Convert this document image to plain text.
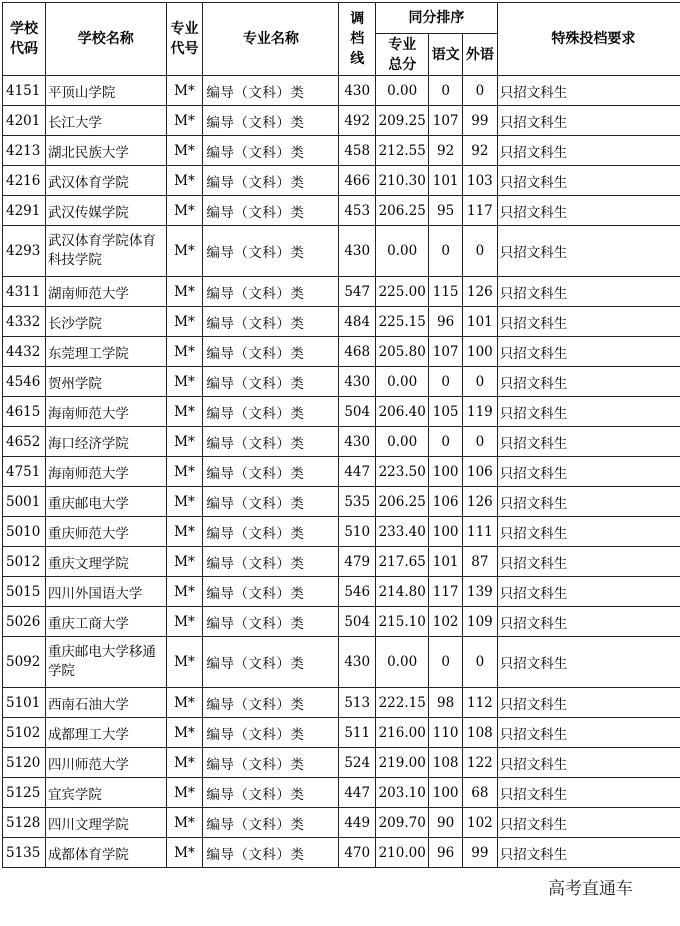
学校代码	学校名称	专业代号	专业名称	调档线	同分排序			特殊投档要求
					专业总分	语文	外语	
4151	平顶山学院	M*	编导（文科）类	430	0.00	0	0	只招文科生
4201	长江大学	M*	编导（文科）类	492	209.25	107	99	只招文科生
4213	湖北民族大学	M*	编导（文科）类	458	212.55	92	92	只招文科生
4216	武汉体育学院	M*	编导（文科）类	466	210.30	101	103	只招文科生
4291	武汉传媒学院	M*	编导（文科）类	453	206.25	95	117	只招文科生
4293	武汉体育学院体育科技学院	M*	编导（文科）类	430	0.00	0	0	只招文科生
4311	湖南师范大学	M*	编导（文科）类	547	225.00	115	126	只招文科生
4332	长沙学院	M*	编导（文科）类	484	225.15	96	101	只招文科生
4432	东莞理工学院	M*	编导（文科）类	468	205.80	107	100	只招文科生
4546	贺州学院	M*	编导（文科）类	430	0.00	0	0	只招文科生
4615	海南师范大学	M*	编导（文科）类	504	206.40	105	119	只招文科生
4652	海口经济学院	M*	编导（文科）类	430	0.00	0	0	只招文科生
4751	海南师范大学	M*	编导（文科）类	447	223.50	100	106	只招文科生
5001	重庆邮电大学	M*	编导（文科）类	535	206.25	106	126	只招文科生
5010	重庆师范大学	M*	编导（文科）类	510	233.40	100	111	只招文科生
5012	重庆文理学院	M*	编导（文科）类	479	217.65	101	87	只招文科生
5015	四川外国语大学	M*	编导（文科）类	546	214.80	117	139	只招文科生
5026	重庆工商大学	M*	编导（文科）类	504	215.10	102	109	只招文科生
5092	重庆邮电大学移通学院	M*	编导（文科）类	430	0.00	0	0	只招文科生
5101	西南石油大学	M*	编导（文科）类	513	222.15	98	112	只招文科生
5102	成都理工大学	M*	编导（文科）类	511	216.00	110	108	只招文科生
5120	四川师范大学	M*	编导（文科）类	524	219.00	108	122	只招文科生
5125	宜宾学院	M*	编导（文科）类	447	203.10	100	68	只招文科生
5128	四川文理学院	M*	编导（文科）类	449	209.70	90	102	只招文科生
5135	成都体育学院	M*	编导（文科）类	470	210.00	96	99	只招文科生
高考直通车
